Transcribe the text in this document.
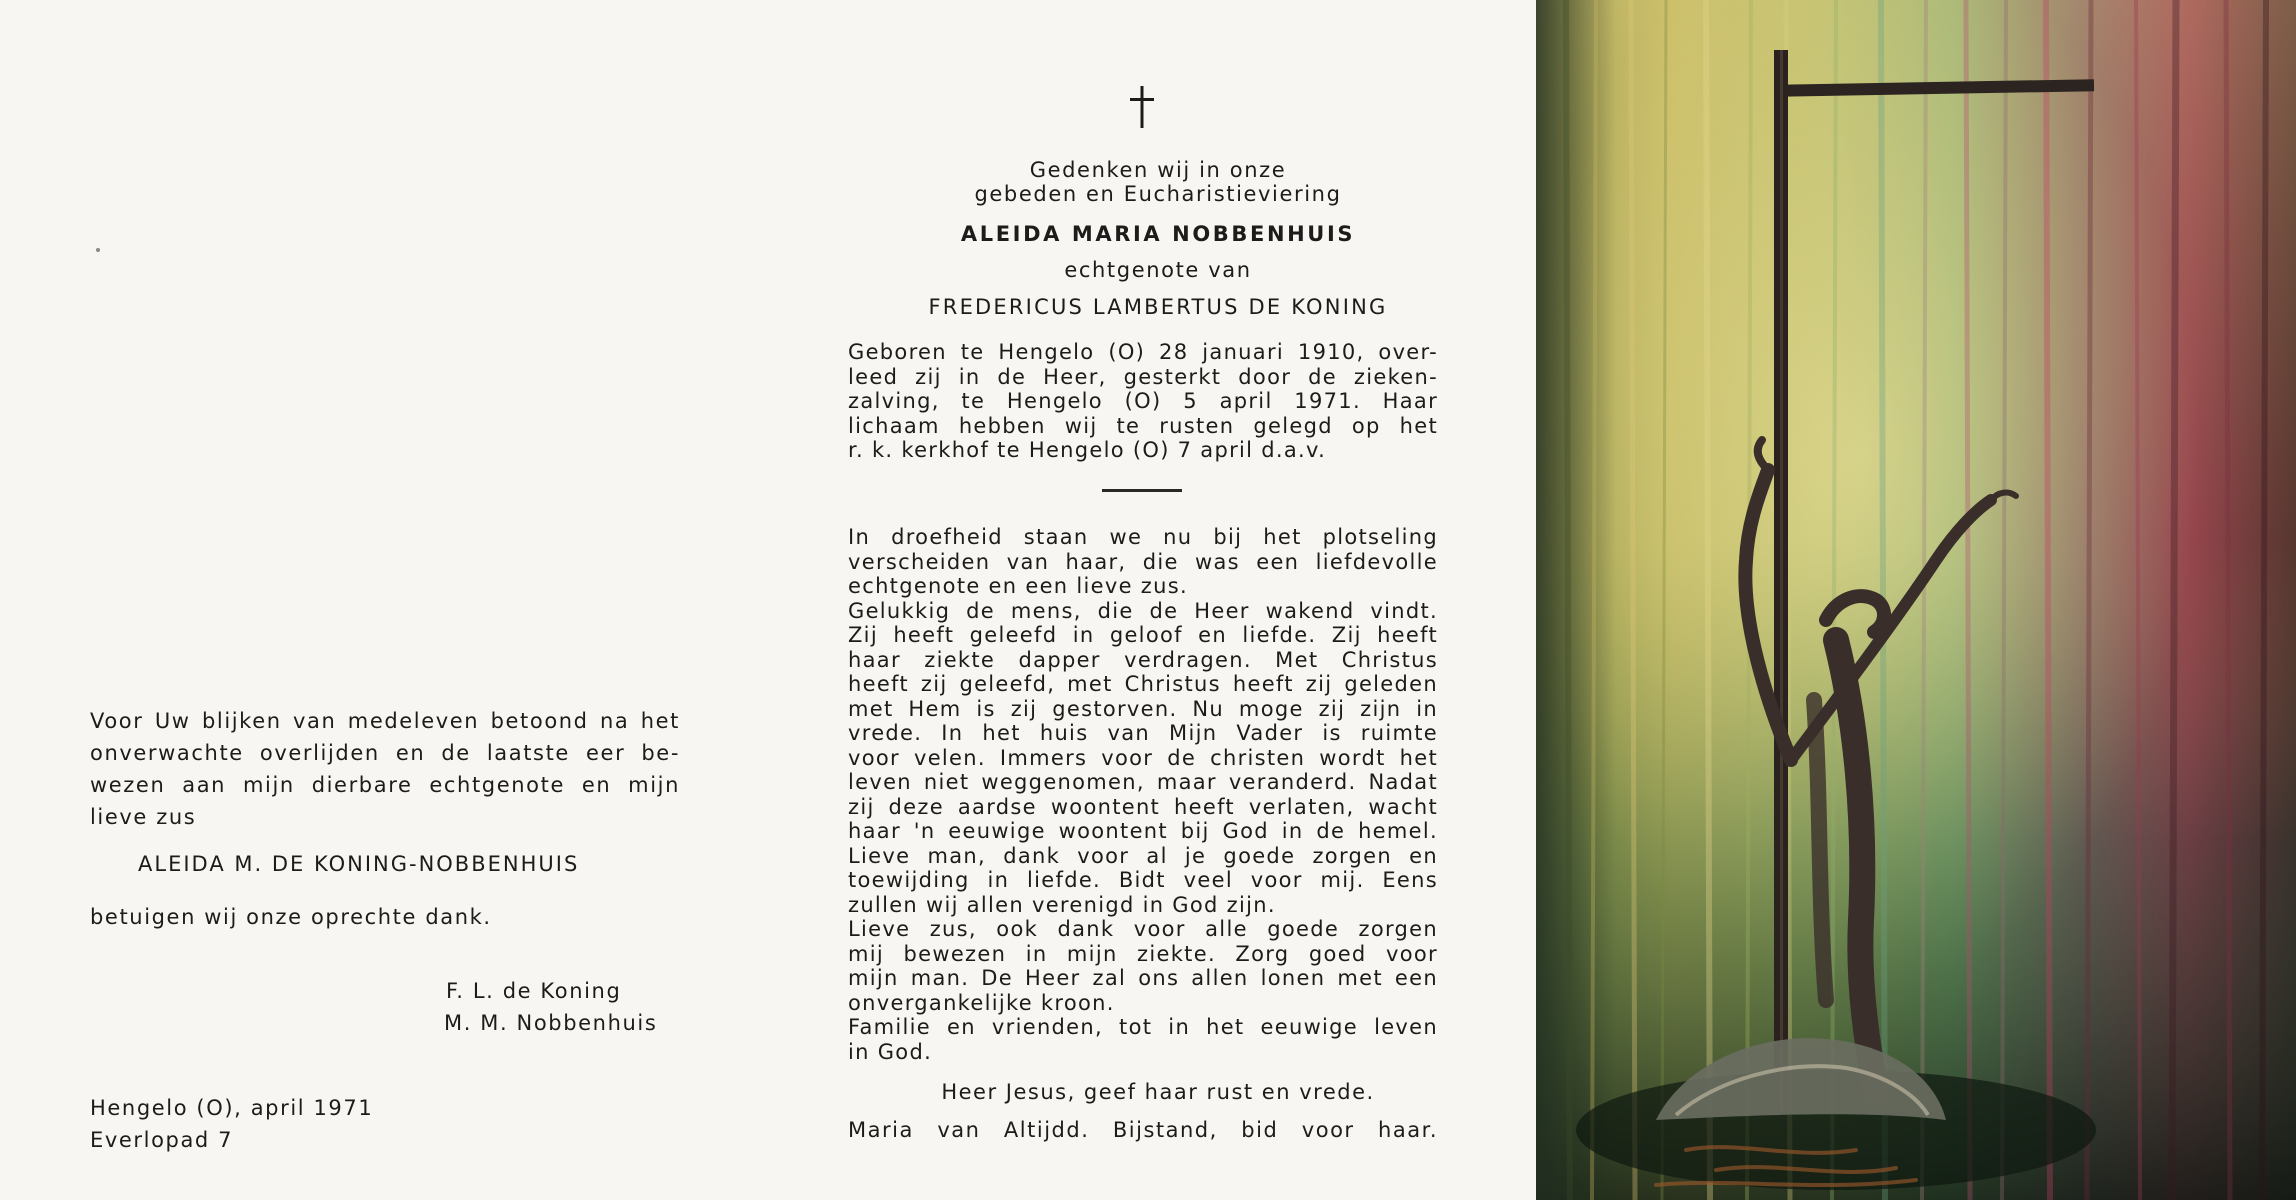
Voor Uw blijken van medeleven betoond na het
onverwachte overlijden en de laatste eer be-
wezen aan mijn dierbare echtgenote en mijn
lieve zus
ALEIDA M. DE KONING-NOBBENHUIS
betuigen wij onze oprechte dank.
F. L. de Koning
M. M. Nobbenhuis
Hengelo (O), april 1971
Everlopad 7
Gedenken wij in onze
gebeden en Eucharistieviering
ALEIDA MARIA NOBBENHUIS
echtgenote van
FREDERICUS LAMBERTUS DE KONING
Geboren te Hengelo (O) 28 januari 1910, over-
leed zij in de Heer, gesterkt door de zieken-
zalving, te Hengelo (O) 5 april 1971. Haar
lichaam hebben wij te rusten gelegd op het
r. k. kerkhof te Hengelo (O) 7 april d.a.v.
In droefheid staan we nu bij het plotseling
verscheiden van haar, die was een liefdevolle
echtgenote en een lieve zus.
Gelukkig de mens, die de Heer wakend vindt.
Zij heeft geleefd in geloof en liefde. Zij heeft
haar ziekte dapper verdragen. Met Christus
heeft zij geleefd, met Christus heeft zij geleden
met Hem is zij gestorven. Nu moge zij zijn in
vrede. In het huis van Mijn Vader is ruimte
voor velen. Immers voor de christen wordt het
leven niet weggenomen, maar veranderd. Nadat
zij deze aardse woontent heeft verlaten, wacht
haar 'n eeuwige woontent bij God in de hemel.
Lieve man, dank voor al je goede zorgen en
toewijding in liefde. Bidt veel voor mij. Eens
zullen wij allen verenigd in God zijn.
Lieve zus, ook dank voor alle goede zorgen
mij bewezen in mijn ziekte. Zorg goed voor
mijn man. De Heer zal ons allen lonen met een
onvergankelijke kroon.
Familie en vrienden, tot in het eeuwige leven
in God.
Heer Jesus, geef haar rust en vrede.
Maria van Altijdd. Bijstand, bid voor haar.
